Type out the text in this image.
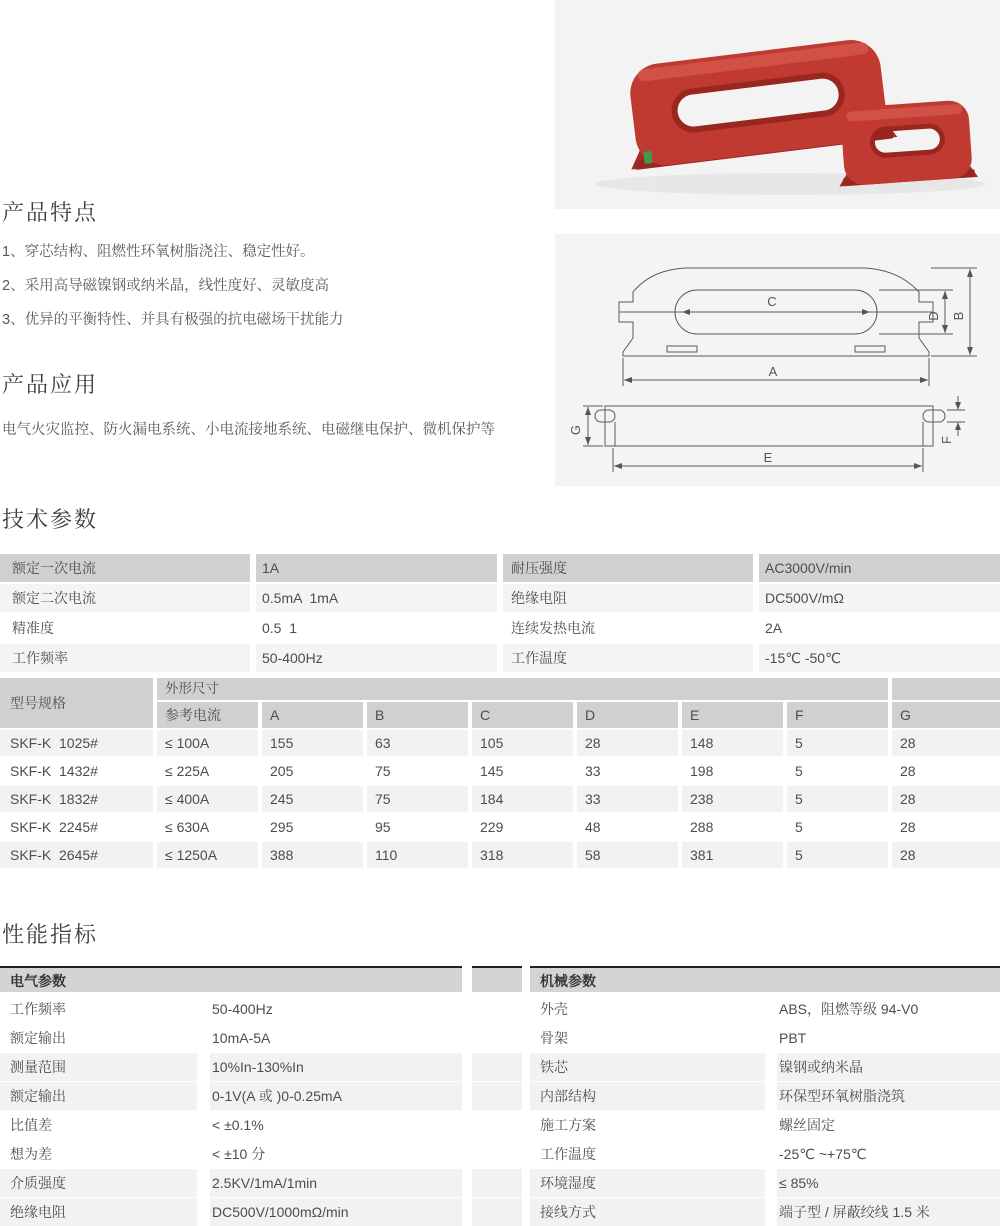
C
D B
A
G
F
E
产品特点
1、穿芯结构、阻燃性环氧树脂浇注、稳定性好。
2、采用高导磁镍钢或纳米晶，线性度好、灵敏度高
3、优异的平衡特性、并具有极强的抗电磁场干扰能力
产品应用
电气火灾监控、防火漏电系统、小电流接地系统、电磁继电保护、微机保护等
技术参数
额定一次电流	1A	耐压强度	AC3000V/min
额定二次电流	0.5mA  1mA	绝缘电阻	DC500V/mΩ
精准度	0.5  1	连续发热电流	2A
工作频率	50-400Hz	工作温度	-15℃ -50℃
型号规格
外形尺寸
参考电流	A	B	C	D	E	F	G
SKF-K  1025#	≤ 100A	155	63	105	28	148	5	28
SKF-K  1432#	≤ 225A	205	75	145	33	198	5	28
SKF-K  1832#	≤ 400A	245	75	184	33	238	5	28
SKF-K  2245#	≤ 630A	295	95	229	48	288	5	28
SKF-K  2645#	≤ 1250A	388	110	318	58	381	5	28
性能指标
电气参数
工作频率	50-400Hz
额定输出	10mA-5A
测量范围	10%In-130%In
额定输出	0-1V(A 或 )0-0.25mA
比值差	< ±0.1%
想为差	< ±10 分
介质强度	2.5KV/1mA/1min
绝缘电阻	DC500V/1000mΩ/min
机械参数
外壳	ABS，阻燃等级 94-V0
骨架	PBT
铁芯	镍钢或纳米晶
内部结构	环保型环氧树脂浇筑
施工方案	螺丝固定
工作温度	-25℃ ~+75℃
环境湿度	≤ 85%
接线方式	端子型 / 屏蔽绞线 1.5 米
